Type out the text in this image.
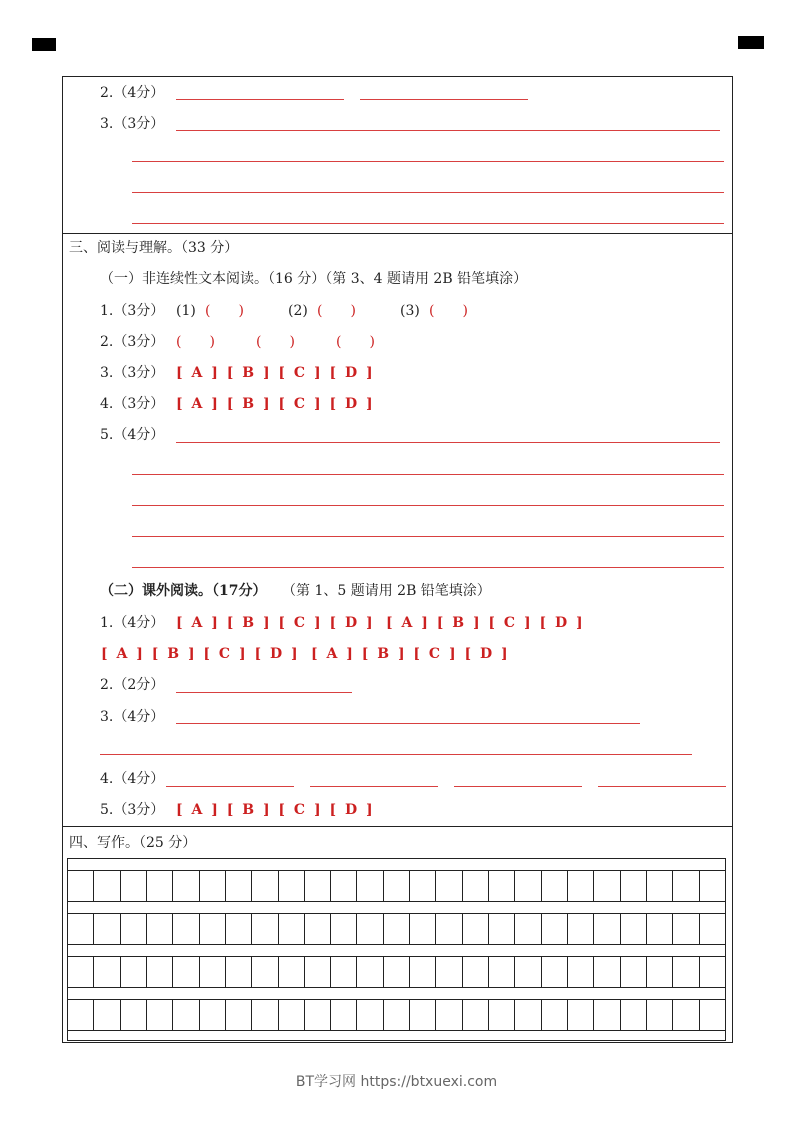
2.（4分）
3.（3分）
三、阅读与理解。（33 分）
（一）非连续性文本阅读。（16 分）（第 3、4 题请用 2B 铅笔填涂）
1.（3分） (1) (　　)	(2) (　　)	(3) (　　)
2.（3分） (　　)	(　　)	(　　)
3.（3分） [ A ] [ B ] [ C ] [ D ]
4.（3分） [ A ] [ B ] [ C ] [ D ]
5.（4分）
（二）课外阅读。（17分） （第 1、5 题请用 2B 铅笔填涂）
1.（4分） [ A ] [ B ] [ C ] [ D ] [ A ] [ B ] [ C ] [ D ]
[ A ] [ B ] [ C ] [ D ] [ A ] [ B ] [ C ] [ D ]
2.（2分）
3.（4分）
4.（4分）
5.（3分） [ A ] [ B ] [ C ] [ D ]
四、写作。（25 分）
BT学习网 https://btxuexi.com
